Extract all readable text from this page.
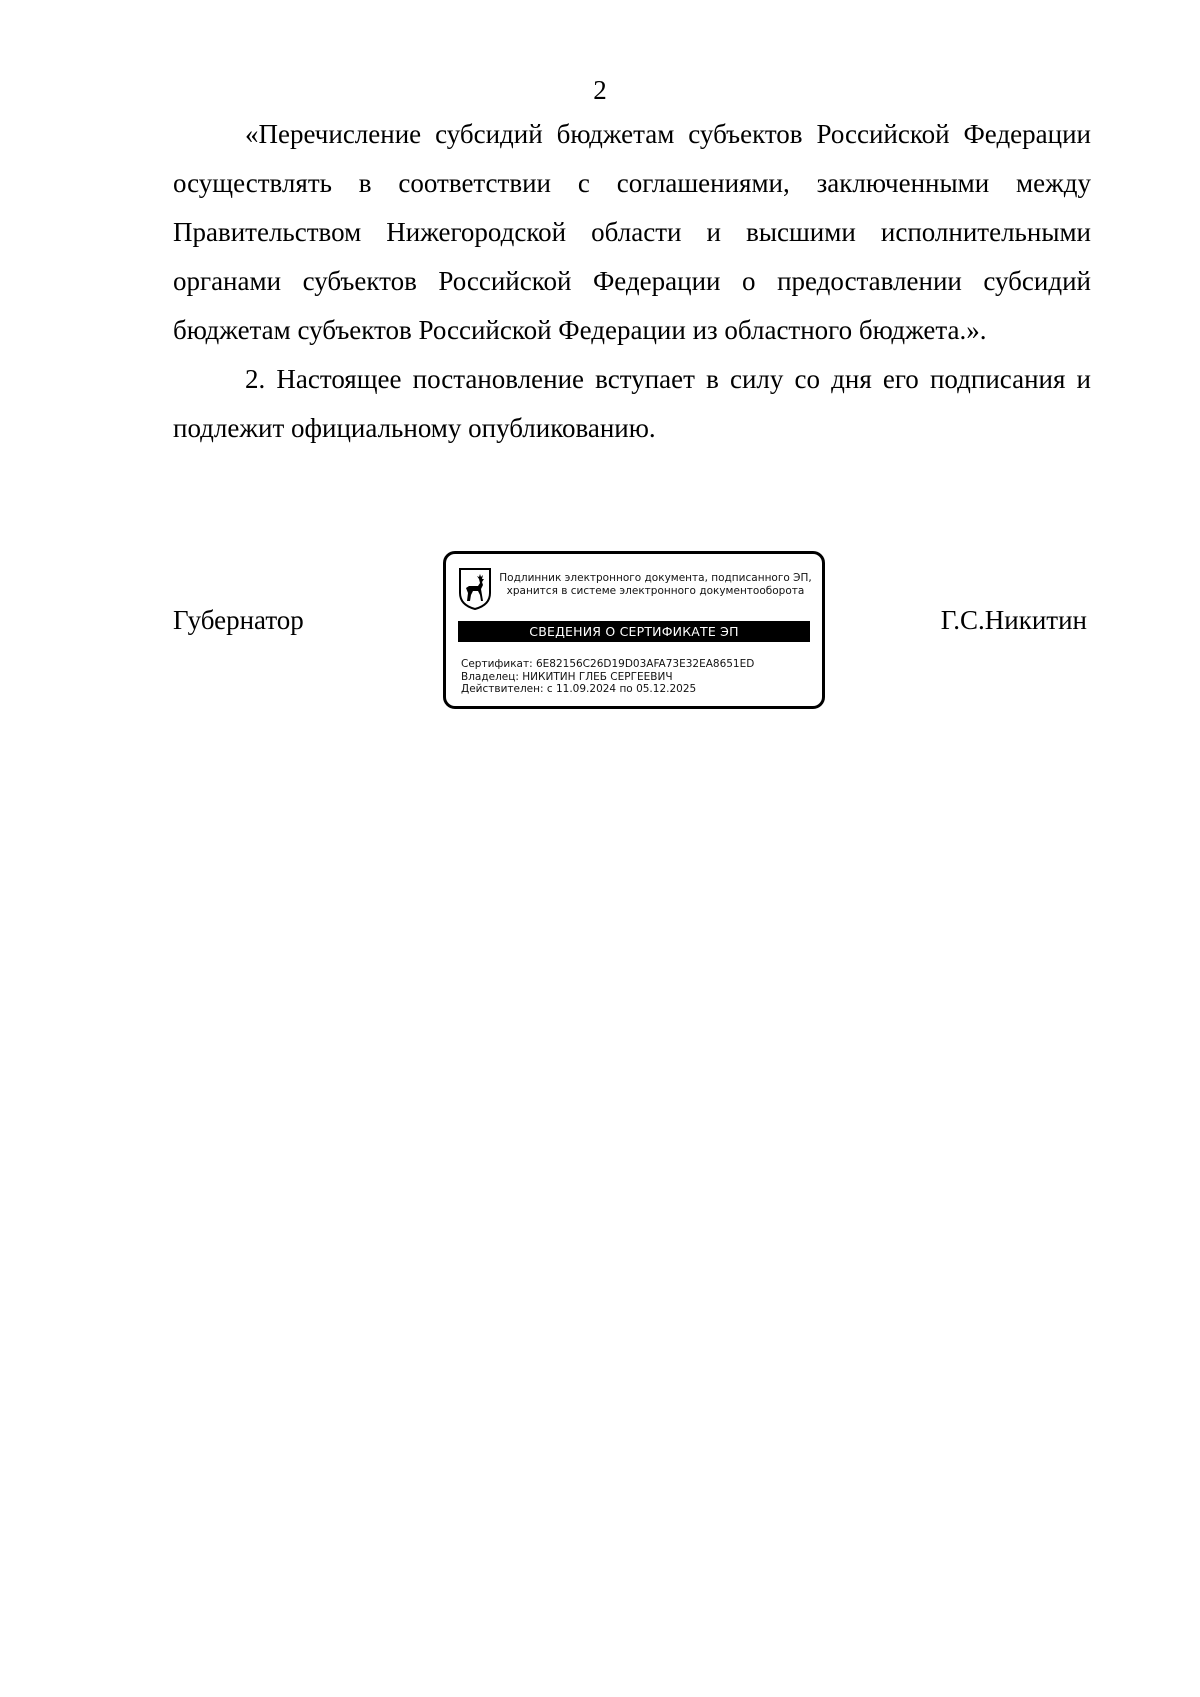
2

«Перечисление субсидий бюджетам субъектов Российской Федерации осуществлять в соответствии с соглашениями, заключенными между Правительством Нижегородской области и высшими исполнительными органами субъектов Российской Федерации о предоставлении субсидий бюджетам субъектов Российской Федерации из областного бюджета.».

2. Настоящее постановление вступает в силу со дня его подписания и подлежит официальному опубликованию.

Губернатор	Г.С.Никитин
Подлинник электронного документа, подписанного ЭП,
хранится в системе электронного документооборота
СВЕДЕНИЯ О СЕРТИФИКАТЕ ЭП
Сертификат: 6E82156C26D19D03AFA73E32EA8651ED
Владелец: НИКИТИН ГЛЕБ СЕРГЕЕВИЧ
Действителен: с 11.09.2024 по 05.12.2025
